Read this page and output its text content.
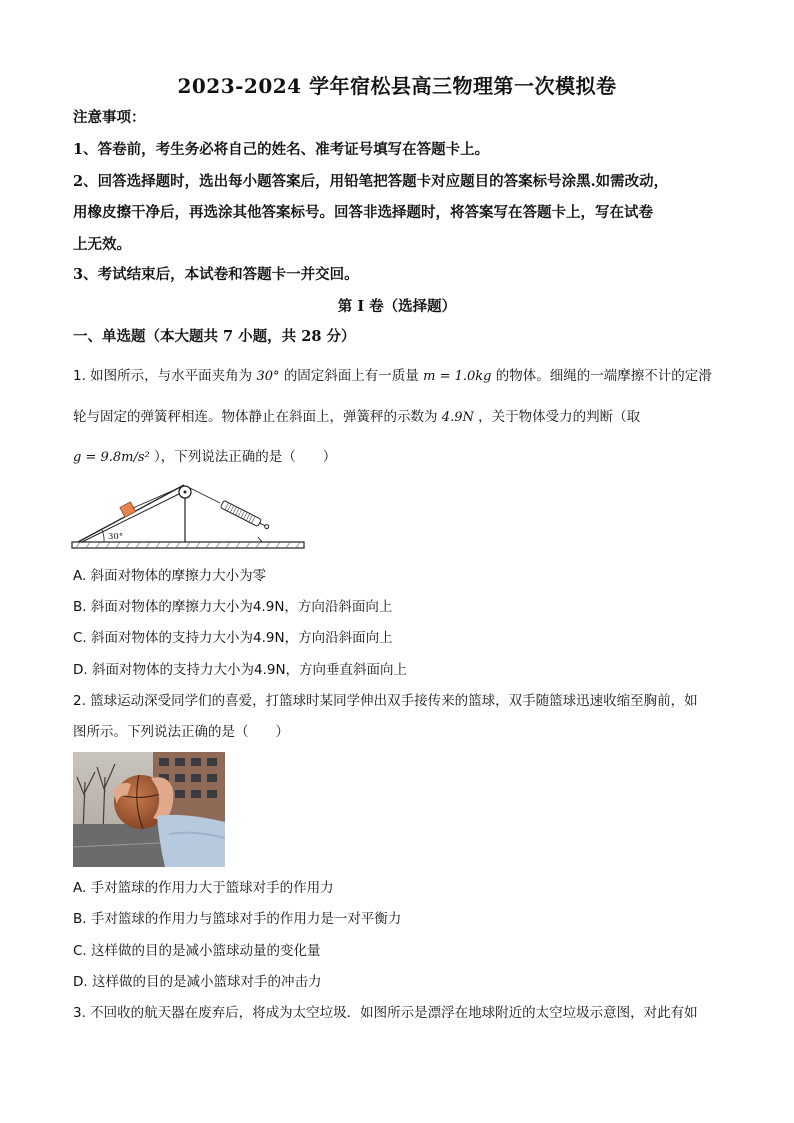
2023-2024 学年宿松县高三物理第一次模拟卷
注意事项：
1、答卷前，考生务必将自己的姓名、准考证号填写在答题卡上。
2、回答选择题时，选出每小题答案后，用铅笔把答题卡对应题目的答案标号涂黑.如需改动，
用橡皮擦干净后，再选涂其他答案标号。回答非选择题时，将答案写在答题卡上，写在试卷
上无效。
3、考试结束后，本试卷和答题卡一并交回。
第 I 卷（选择题）
一、单选题（本大题共 7 小题，共 28 分）
1. 如图所示，与水平面夹角为 30° 的固定斜面上有一质量 m = 1.0kg 的物体。细绳的一端摩擦不计的定滑
轮与固定的弹簧秤相连。物体静止在斜面上，弹簧秤的示数为 4.9N ，关于物体受力的判断（取
g = 9.8m/s² ），下列说法正确的是（　　）
30°
A. 斜面对物体的摩擦力大小为零
B. 斜面对物体的摩擦力大小为4.9N，方向沿斜面向上
C. 斜面对物体的支持力大小为4.9N，方向沿斜面向上
D. 斜面对物体的支持力大小为4.9N，方向垂直斜面向上
2. 篮球运动深受同学们的喜爱，打篮球时某同学伸出双手接传来的篮球，双手随篮球迅速收缩至胸前，如
图所示。下列说法正确的是（　　）
A. 手对篮球的作用力大于篮球对手的作用力
B. 手对篮球的作用力与篮球对手的作用力是一对平衡力
C. 这样做的目的是减小篮球动量的变化量
D. 这样做的目的是减小篮球对手的冲击力
3. 不回收的航天器在废弃后，将成为太空垃圾．如图所示是漂浮在地球附近的太空垃圾示意图，对此有如
